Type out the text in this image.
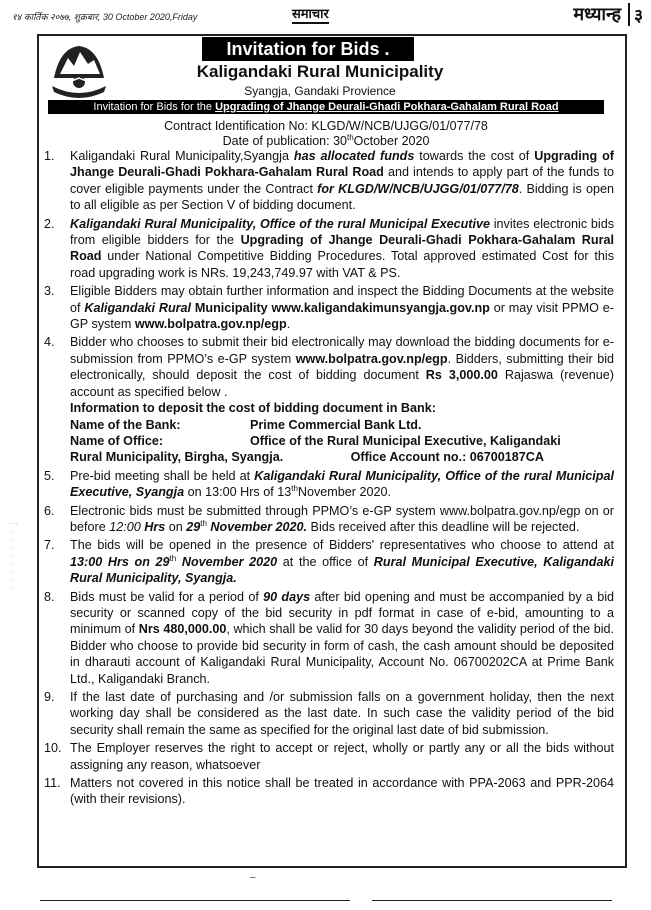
१४ कार्तिक २०७७, शुक्रबार, 30 October 2020,Friday	समाचार	मध्यान्ह ३
Invitation for Bids .
Kaligandaki Rural Municipality
Syangja, Gandaki Provience
Invitation for Bids for the Upgrading of Jhange Deurali-Ghadi Pokhara-Gahalam Rural Road
Contract Identification No: KLGD/W/NCB/UJGG/01/077/78
Date of publication: 30thOctober 2020
1.	Kaligandaki Rural Municipality,Syangja has allocated funds towards the cost of Upgrading of Jhange Deurali-Ghadi Pokhara-Gahalam Rural Road and intends to apply part of the funds to cover eligible payments under the Contract for KLGD/W/NCB/UJGG/01/077/78. Bidding is open to all eligible as per Section V of bidding document.
2.	Kaligandaki Rural Municipality, Office of the rural Municipal Executive invites electronic bids from eligible bidders for the Upgrading of Jhange Deurali-Ghadi Pokhara-Gahalam Rural Road under National Competitive Bidding Procedures. Total approved estimated Cost for this road upgrading work is NRs. 19,243,749.97 with VAT & PS.
3.	Eligible Bidders may obtain further information and inspect the Bidding Documents at the website of Kaligandaki Rural Municipality www.kaligandakimunsyangja.gov.np or may visit PPMO e-GP system www.bolpatra.gov.np/egp.
4.	Bidder who chooses to submit their bid electronically may download the bidding documents for e-submission from PPMO’s e-GP system www.bolpatra.gov.np/egp. Bidders, submitting their bid electronically, should deposit the cost of bidding document Rs 3,000.00 Rajaswa (revenue) account as specified below .
Information to deposit the cost of bidding document in Bank:
Name of the Bank:	Prime Commercial Bank Ltd.
Name of Office:	Office of the Rural Municipal Executive, Kaligandaki
Rural Municipality, Birgha, Syangja.	Office Account no.: 06700187CA
5.	Pre-bid meeting shall be held at Kaligandaki Rural Municipality, Office of the rural Municipal Executive, Syangja on 13:00 Hrs of 13thNovember 2020.
6.	Electronic bids must be submitted through PPMO’s e-GP system www.bolpatra.gov.np/egp on or before 12:00 Hrs on 29th November 2020. Bids received after this deadline will be rejected.
7.	The bids will be opened in the presence of Bidders' representatives who choose to attend at 13:00 Hrs on 29th November 2020 at the office of Rural Municipal Executive, Kaligandaki Rural Municipality, Syangja.
8.	Bids must be valid for a period of 90 days after bid opening and must be accompanied by a bid security or scanned copy of the bid security in pdf format in case of e-bid, amounting to a minimum of Nrs 480,000.00, which shall be valid for 30 days beyond the validity period of the bid. Bidder who choose to provide bid security in form of cash, the cash amount should be deposited in dharauti account of Kaligandaki Rural Municipality, Account No. 06700202CA at Prime Bank Ltd., Kaligandaki Branch.
9.	If the last date of purchasing and /or submission falls on a government holiday, then the next working day shall be considered as the last date. In such case the validity period of the bid security shall remain the same as specified for the original last date of bid submission.
10. The Employer reserves the right to accept or reject, wholly or partly any or all the bids without assigning any reason, whatsoever
11. Matters not covered in this notice shall be treated in accordance with PPA-2063 and PPR-2064 (with their revisions).
· · ·
·
·
·
·
·
·
·
·
–
